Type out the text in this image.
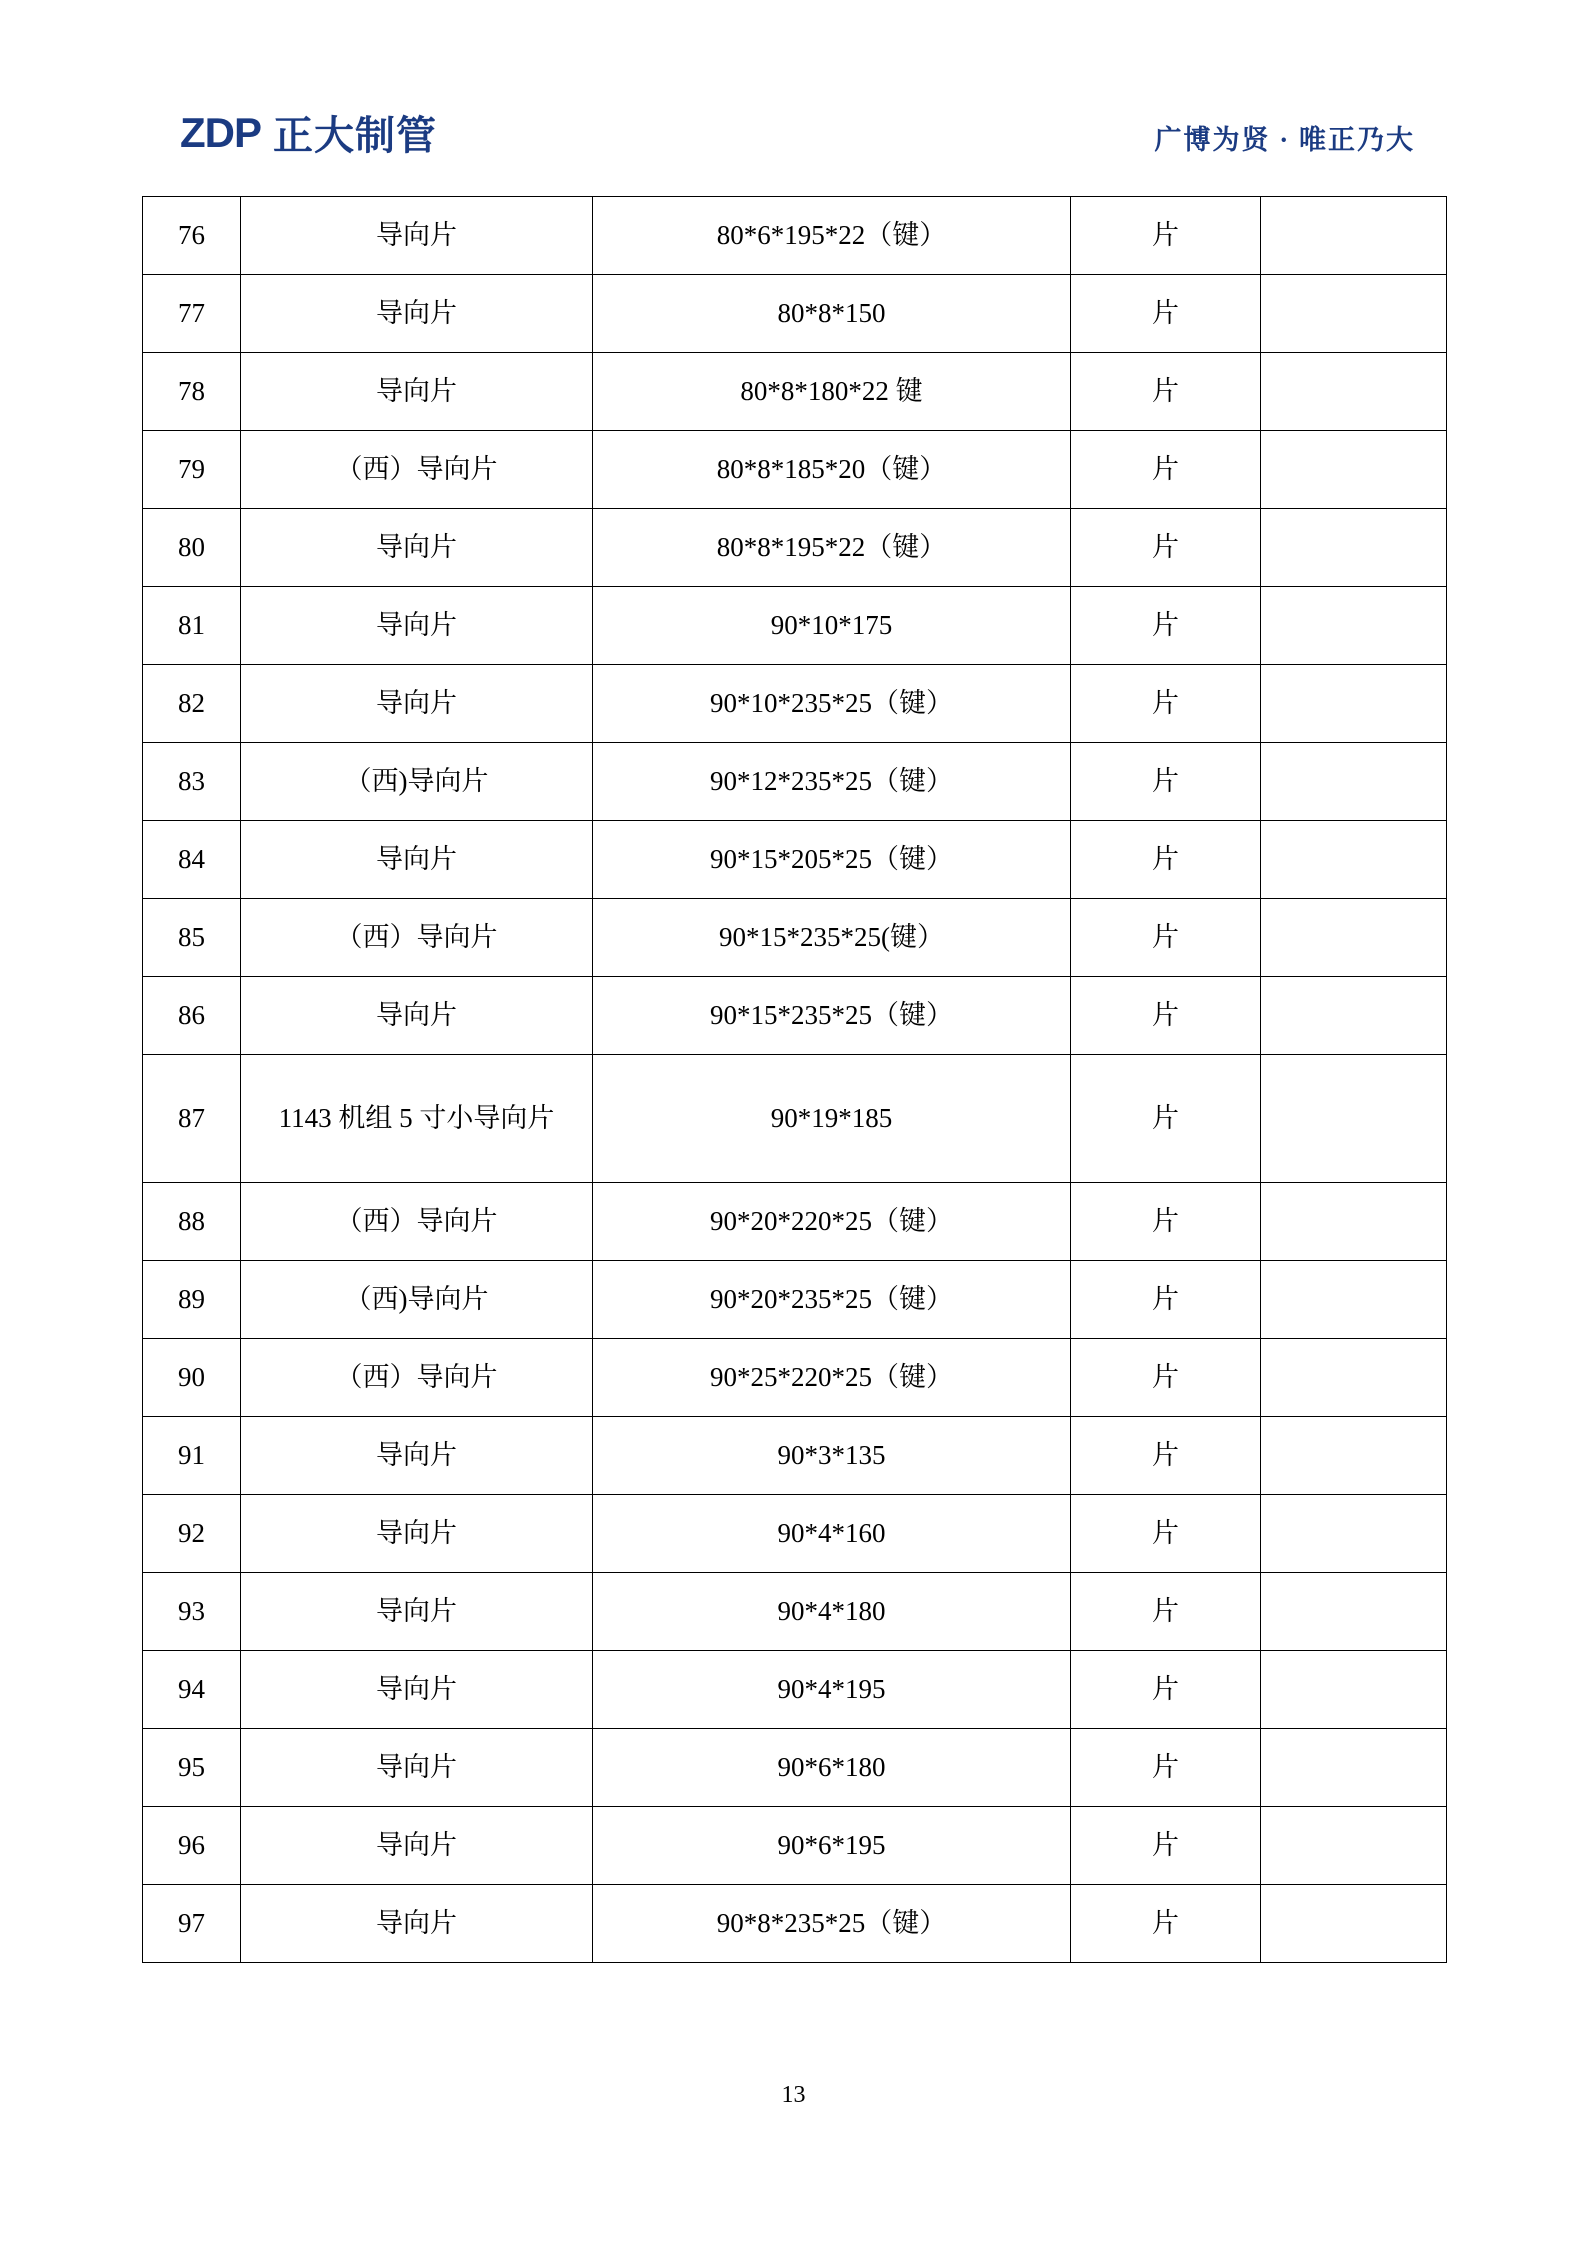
ZDP 正大制管	广博为贤 · 唯正乃大
76	导向片	80*6*195*22（键）	片	
77	导向片	80*8*150	片	
78	导向片	80*8*180*22 键	片	
79	（西）导向片	80*8*185*20（键）	片	
80	导向片	80*8*195*22（键）	片	
81	导向片	90*10*175	片	
82	导向片	90*10*235*25（键）	片	
83	（西)导向片	90*12*235*25（键）	片	
84	导向片	90*15*205*25（键）	片	
85	（西）导向片	90*15*235*25(键）	片	
86	导向片	90*15*235*25（键）	片	
87	1143 机组 5 寸小导向片	90*19*185	片	
88	（西）导向片	90*20*220*25（键）	片	
89	（西)导向片	90*20*235*25（键）	片	
90	（西）导向片	90*25*220*25（键）	片	
91	导向片	90*3*135	片	
92	导向片	90*4*160	片	
93	导向片	90*4*180	片	
94	导向片	90*4*195	片	
95	导向片	90*6*180	片	
96	导向片	90*6*195	片	
97	导向片	90*8*235*25（键）	片	
13
